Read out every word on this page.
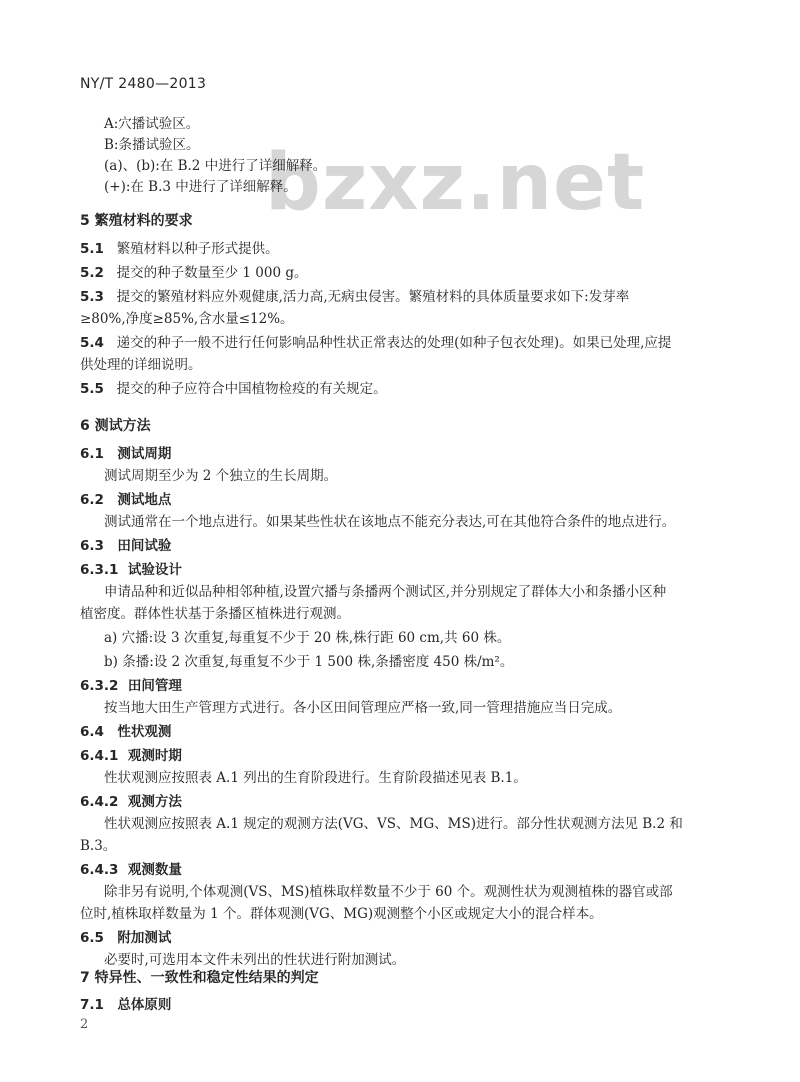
NY/T 2480—2013
bzxz.net
A:穴播试验区。
B:条播试验区。
(a)、(b):在 B.2 中进行了详细解释。
(+):在 B.3 中进行了详细解释。
5 繁殖材料的要求
5.1 繁殖材料以种子形式提供。
5.2 提交的种子数量至少 1 000 g。
5.3 提交的繁殖材料应外观健康,活力高,无病虫侵害。繁殖材料的具体质量要求如下:发芽率
≥80%,净度≥85%,含水量≤12%。
5.4 递交的种子一般不进行任何影响品种性状正常表达的处理(如种子包衣处理)。如果已处理,应提
供处理的详细说明。
5.5 提交的种子应符合中国植物检疫的有关规定。
6 测试方法
6.1 测试周期
测试周期至少为 2 个独立的生长周期。
6.2 测试地点
测试通常在一个地点进行。如果某些性状在该地点不能充分表达,可在其他符合条件的地点进行。
6.3 田间试验
6.3.1 试验设计
申请品种和近似品种相邻种植,设置穴播与条播两个测试区,并分别规定了群体大小和条播小区种
植密度。群体性状基于条播区植株进行观测。
a) 穴播:设 3 次重复,每重复不少于 20 株,株行距 60 cm,共 60 株。
b) 条播:设 2 次重复,每重复不少于 1 500 株,条播密度 450 株/m²。
6.3.2 田间管理
按当地大田生产管理方式进行。各小区田间管理应严格一致,同一管理措施应当日完成。
6.4 性状观测
6.4.1 观测时期
性状观测应按照表 A.1 列出的生育阶段进行。生育阶段描述见表 B.1。
6.4.2 观测方法
性状观测应按照表 A.1 规定的观测方法(VG、VS、MG、MS)进行。部分性状观测方法见 B.2 和
B.3。
6.4.3 观测数量
除非另有说明,个体观测(VS、MS)植株取样数量不少于 60 个。观测性状为观测植株的器官或部
位时,植株取样数量为 1 个。群体观测(VG、MG)观测整个小区或规定大小的混合样本。
6.5 附加测试
必要时,可选用本文件未列出的性状进行附加测试。
7 特异性、一致性和稳定性结果的判定
7.1 总体原则
2
